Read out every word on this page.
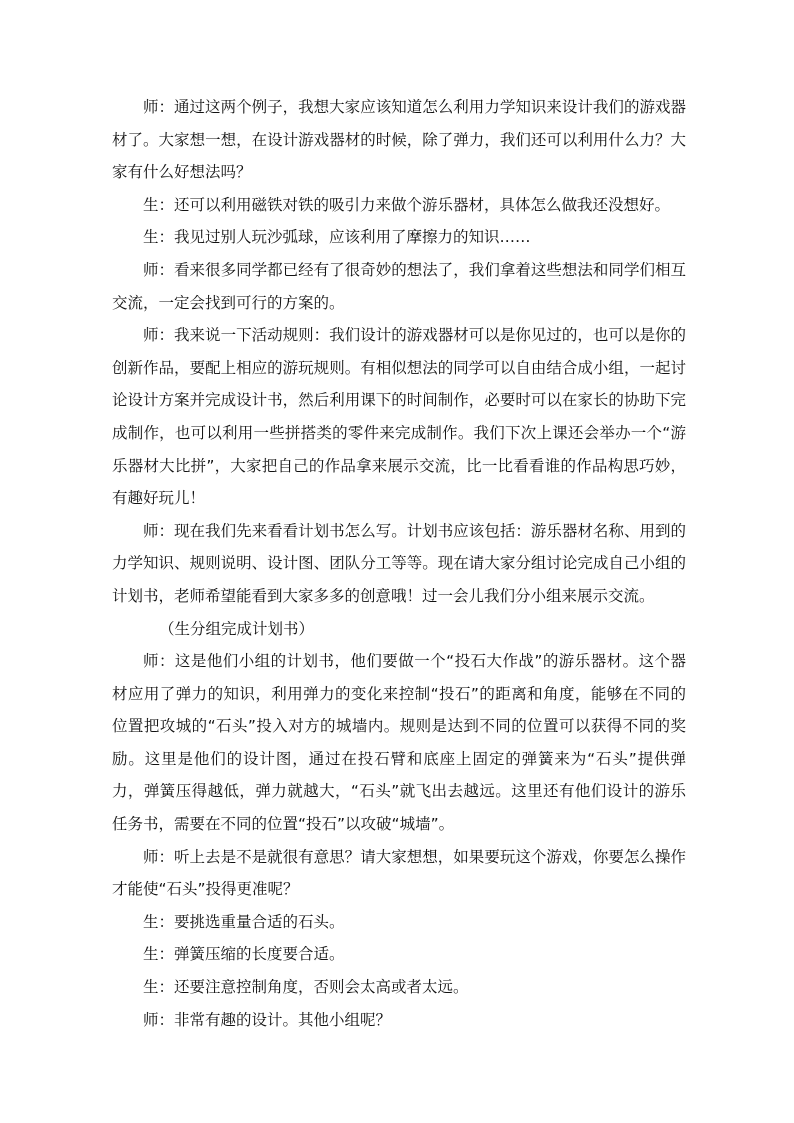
师：通过这两个例子，我想大家应该知道怎么利用力学知识来设计我们的游戏器材了。大家想一想，在设计游戏器材的时候，除了弹力，我们还可以利用什么力？大家有什么好想法吗？

生：还可以利用磁铁对铁的吸引力来做个游乐器材，具体怎么做我还没想好。

生：我见过别人玩沙弧球，应该利用了摩擦力的知识……

师：看来很多同学都已经有了很奇妙的想法了，我们拿着这些想法和同学们相互交流，一定会找到可行的方案的。

师：我来说一下活动规则：我们设计的游戏器材可以是你见过的，也可以是你的创新作品，要配上相应的游玩规则。有相似想法的同学可以自由结合成小组，一起讨论设计方案并完成设计书，然后利用课下的时间制作，必要时可以在家长的协助下完成制作，也可以利用一些拼搭类的零件来完成制作。我们下次上课还会举办一个“游乐器材大比拼”，大家把自己的作品拿来展示交流，比一比看看谁的作品构思巧妙，有趣好玩儿！

师：现在我们先来看看计划书怎么写。计划书应该包括：游乐器材名称、用到的力学知识、规则说明、设计图、团队分工等等。现在请大家分组讨论完成自己小组的计划书，老师希望能看到大家多多的创意哦！过一会儿我们分小组来展示交流。

（生分组完成计划书）

师：这是他们小组的计划书，他们要做一个“投石大作战”的游乐器材。这个器材应用了弹力的知识，利用弹力的变化来控制“投石”的距离和角度，能够在不同的位置把攻城的“石头”投入对方的城墙内。规则是达到不同的位置可以获得不同的奖励。这里是他们的设计图，通过在投石臂和底座上固定的弹簧来为“石头”提供弹力，弹簧压得越低，弹力就越大，“石头”就飞出去越远。这里还有他们设计的游乐任务书，需要在不同的位置“投石”以攻破“城墙”。

师：听上去是不是就很有意思？请大家想想，如果要玩这个游戏，你要怎么操作才能使“石头”投得更准呢？

生：要挑选重量合适的石头。

生：弹簧压缩的长度要合适。

生：还要注意控制角度，否则会太高或者太远。

师：非常有趣的设计。其他小组呢？
